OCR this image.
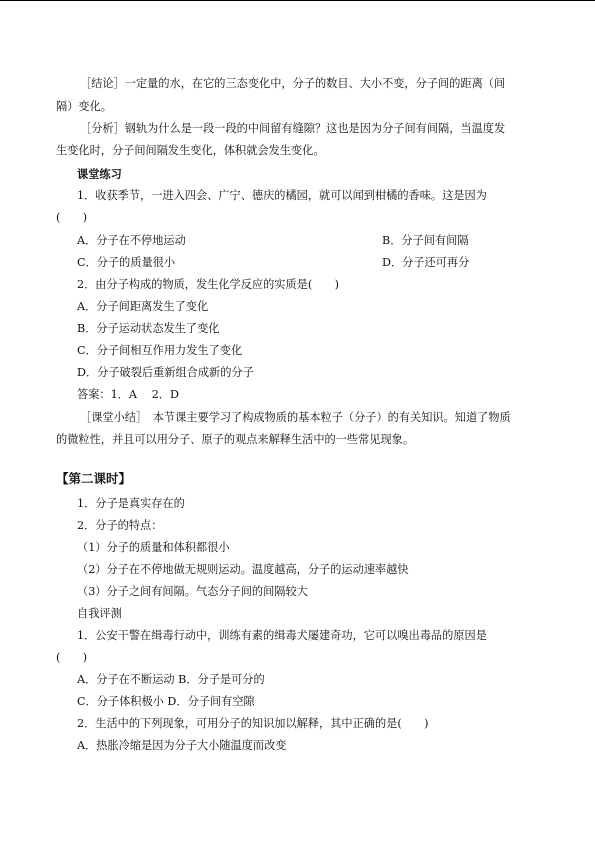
［结论］一定量的水，在它的三态变化中，分子的数目、大小不变，分子间的距离（间
隔）变化。
［分析］钢轨为什么是一段一段的中间留有缝隙？这也是因为分子间有间隔，当温度发
生变化时，分子间间隔发生变化，体积就会发生变化。
课堂练习
1．收获季节，一进入四会、广宁、德庆的橘园，就可以闻到柑橘的香味。这是因为
(　　)
A．分子在不停地运动	B．分子间有间隔
C．分子的质量很小	D．分子还可再分
2．由分子构成的物质，发生化学反应的实质是(　　)
A．分子间距离发生了变化
B．分子运动状态发生了变化
C．分子间相互作用力发生了变化
D．分子破裂后重新组合成新的分子
答案：1．A　 2．D
［课堂小结］　本节课主要学习了构成物质的基本粒子（分子）的有关知识。知道了物质
的微粒性，并且可以用分子、原子的观点来解释生活中的一些常见现象。
【第二课时】
1．分子是真实存在的
2．分子的特点：
（1）分子的质量和体积都很小
（2）分子在不停地做无规则运动。温度越高，分子的运动速率越快
（3）分子之间有间隔。气态分子间的间隔较大
自我评测
1．公安干警在缉毒行动中，训练有素的缉毒犬屡建奇功，它可以嗅出毒品的原因是
(　　)
A．分子在不断运动 B．分子是可分的
C．分子体积极小 D．分子间有空隙
2．生活中的下列现象，可用分子的知识加以解释，其中正确的是(　　)
A．热胀冷缩是因为分子大小随温度而改变
